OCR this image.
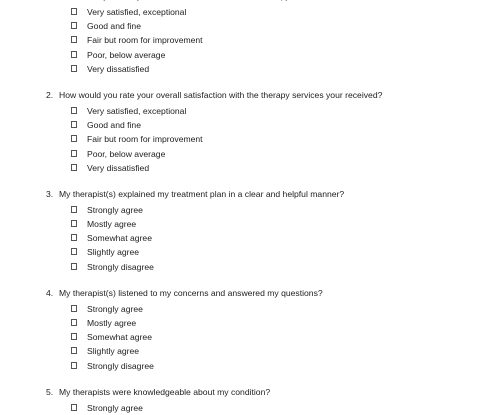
Very satisfied, exceptional
Good and fine
Fair but room for improvement
Poor, below average
Very dissatisfied
2. How would you rate your overall satisfaction with the therapy services your received?
Very satisfied, exceptional
Good and fine
Fair but room for improvement
Poor, below average
Very dissatisfied
3. My therapist(s) explained my treatment plan in a clear and helpful manner?
Strongly agree
Mostly agree
Somewhat agree
Slightly agree
Strongly disagree
4. My therapist(s) listened to my concerns and answered my questions?
Strongly agree
Mostly agree
Somewhat agree
Slightly agree
Strongly disagree
5. My therapists were knowledgeable about my condition?
Strongly agree
